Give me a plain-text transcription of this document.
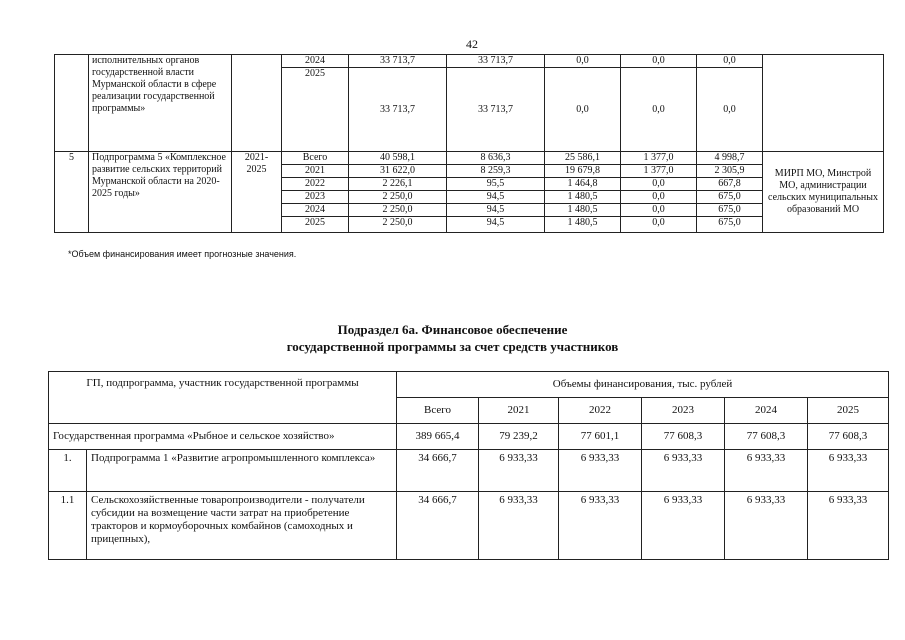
42
	исполнительных органов государственной власти Мурманской области в сфере реализации государственной программы»		2024	33 713,7	33 713,7	0,0	0,0	0,0	
			2025	33 713,7	33 713,7	0,0	0,0	0,0	
5	Подпрограмма 5 «Комплексное развитие сельских территорий Мурманской области на 2020-2025 годы»	2021-2025	Всего	40 598,1	8 636,3	25 586,1	1 377,0	4 998,7	МИРП МО, Минстрой МО, администрации сельских муниципальных образований МО
			2021	31 622,0	8 259,3	19 679,8	1 377,0	2 305,9	
			2022	2 226,1	95,5	1 464,8	0,0	667,8	
			2023	2 250,0	94,5	1 480,5	0,0	675,0	
			2024	2 250,0	94,5	1 480,5	0,0	675,0	
			2025	2 250,0	94,5	1 480,5	0,0	675,0	
*Объем финансирования имеет прогнозные значения.
Подраздел 6а. Финансовое обеспечение
государственной программы за счет средств участников
ГП, подпрограмма, участник государственной программы		Объемы финансирования, тыс. рублей					
		Всего	2021	2022	2023	2024	2025
Государственная программа «Рыбное и сельское хозяйство»		389 665,4	79 239,2	77 601,1	77 608,3	77 608,3	77 608,3
1.	Подпрограмма 1 «Развитие агропромышленного комплекса»	34 666,7	6 933,33	6 933,33	6 933,33	6 933,33	6 933,33
1.1	Сельскохозяйственные товаропроизводители - получатели субсидии на возмещение части затрат на приобретение тракторов и кормоуборочных комбайнов (самоходных и прицепных),	34 666,7	6 933,33	6 933,33	6 933,33	6 933,33	6 933,33
